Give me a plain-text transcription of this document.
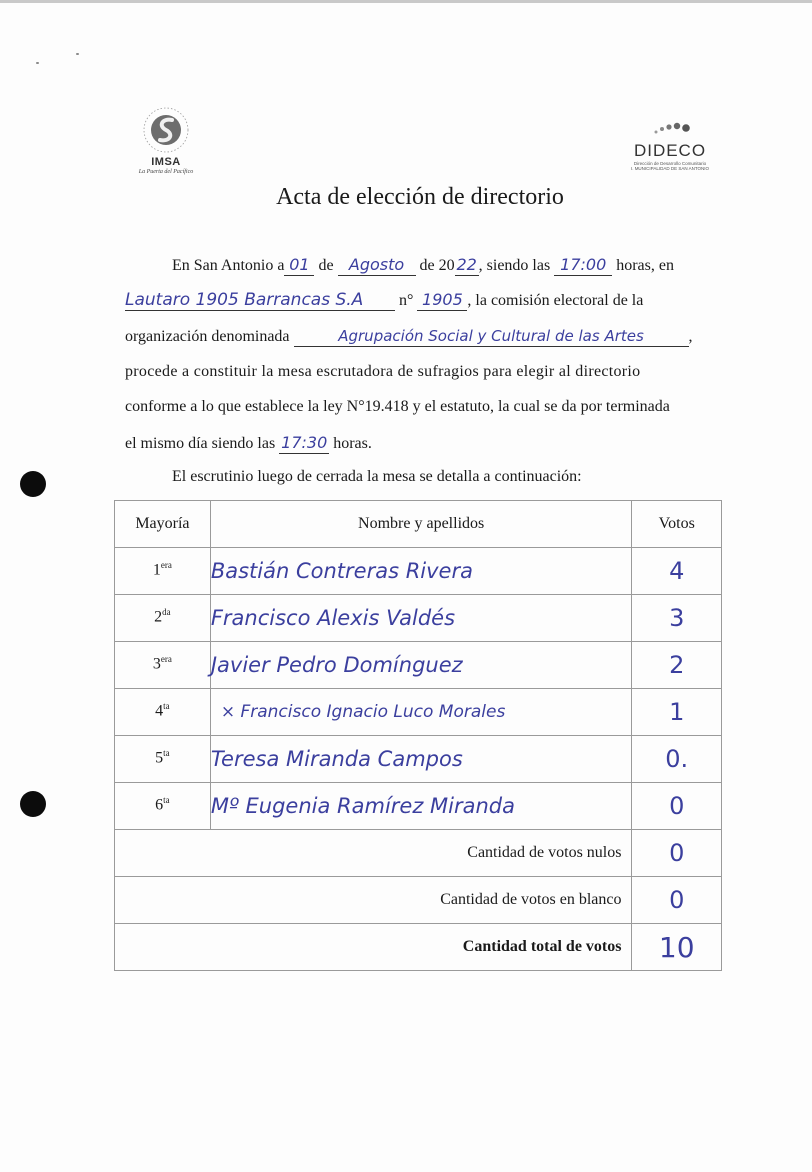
IMSA
La Puerta del Pacífico
DIDECO
Dirección de Desarrollo Comunitario
I. MUNICIPALIDAD DE SAN ANTONIO
Acta de elección de directorio
En San Antonio a 01 de Agosto de 20 22 , siendo las 17:00 horas, en
Lautaro 1905 Barrancas S.A n° 1905 , la comisión electoral de la
organización denominada	Agrupación Social y Cultural de las Artes	,
procede a constituir la mesa escrutadora de sufragios para elegir al directorio
conforme a lo que establece la ley N°19.418 y el estatuto, la cual se da por terminada
el mismo día siendo las 17:30 horas.
El escrutinio luego de cerrada la mesa se detalla a continuación:
Mayoría	Nombre y apellidos	Votos
$1^{era}$	Bastián Contreras Rivera	4
$2^{da}$	Francisco Alexis Valdés	3
$3^{era}$	Javier Pedro Domínguez	2
$4^{ta}$	× Francisco Ignacio Luco Morales	1
$5^{ta}$	Teresa Miranda Campos	0.
$6^{ta}$	Mº Eugenia Ramírez Miranda	0
Cantidad de votos nulos		0
Cantidad de votos en blanco		0
Cantidad total de votos		10
